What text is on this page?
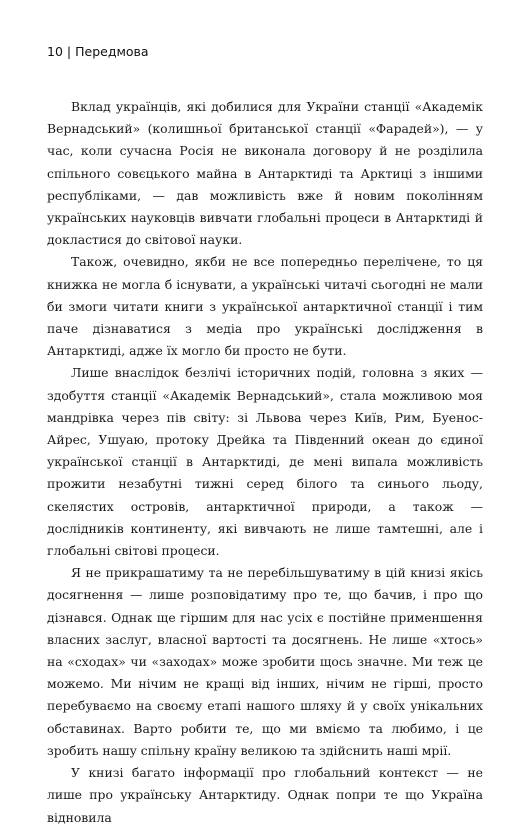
10 | Передмова

Вклад українців, які добилися для України станції «Академік Вернадський» (колишньої британської станції «Фарадей»), — у час, коли сучасна Росія не виконала договору й не розділила спільного совєцького майна в Антарктиді та Арктиці з іншими республіками, — дав можливість вже й новим поколінням українських науковців вивчати глобальні процеси в Антарктиді й докластися до світової науки.

Також, очевидно, якби не все попередньо перелічене, то ця книжка не могла б існувати, а українські читачі сьогодні не мали би змоги читати книги з української антарктичної станції і тим паче дізнаватися з медіа про українські дослідження в Антарктиді, адже їх могло би просто не бути.

Лише внаслідок безлічі історичних подій, головна з яких — здобуття станції «Академік Вернадський», стала можливою моя мандрівка через пів світу: зі Львова через Київ, Рим, Буенос-Айрес, Ушуаю, протоку Дрейка та Південний океан до єдиної української станції в Антарктиді, де мені випала можливість прожити незабутні тижні серед білого та синього льоду, скелястих островів, антарктичної природи, а також — дослідників континенту, які вивчають не лише тамтешні, але і глобальні світові процеси.

Я не прикрашатиму та не перебільшуватиму в цій книзі якісь досягнення — лише розповідатиму про те, що бачив, і про що дізнався. Однак ще гіршим для нас усіх є постійне применшення власних заслуг, власної вартості та досягнень. Не лише «хтось» на «сходах» чи «заходах» може зробити щось значне. Ми теж це можемо. Ми нічим не кращі від інших, нічим не гірші, просто перебуваємо на своєму етапі нашого шляху й у своїх унікальних обставинах. Варто робити те, що ми вміємо та любимо, і це зробить нашу спільну країну великою та здійснить наші мрії.

У книзі багато інформації про глобальний контекст — не лише про українську Антарктиду. Однак попри те що Україна відновила
